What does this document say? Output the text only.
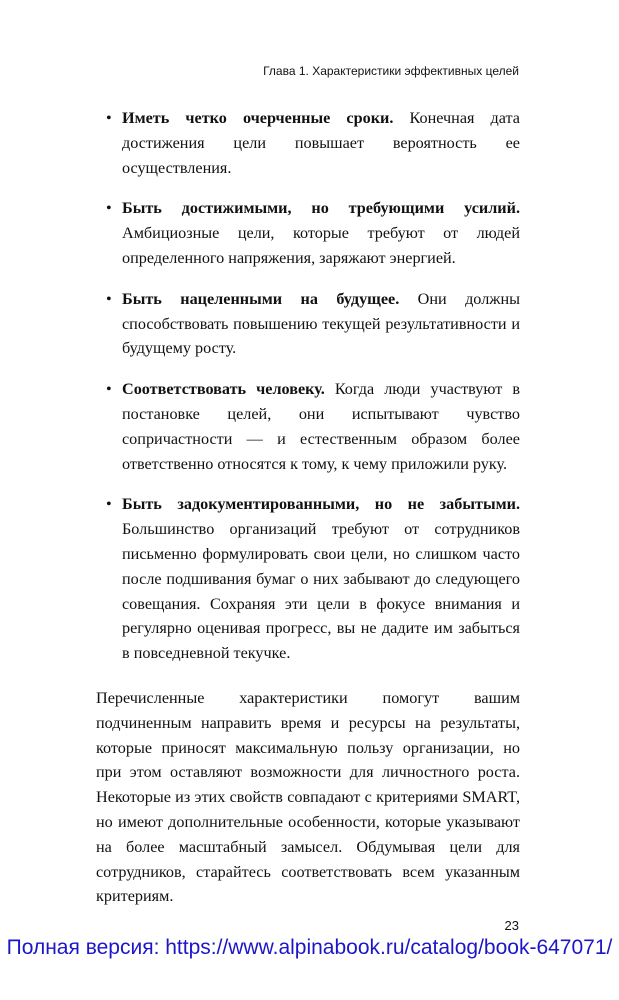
Глава 1. Характеристики эффективных целей
• Иметь четко очерченные сроки. Конечная дата достижения цели повышает вероятность ее осуществления.
• Быть достижимыми, но требующими усилий. Амбициозные цели, которые требуют от людей определенного напряжения, заряжают энергией.
• Быть нацеленными на будущее. Они должны способствовать повышению текущей результативности и будущему росту.
• Соответствовать человеку. Когда люди участвуют в постановке целей, они испытывают чувство сопричастности — и естественным образом более ответственно относятся к тому, к чему приложили руку.
• Быть задокументированными, но не забытыми. Большинство организаций требуют от сотрудников письменно формулировать свои цели, но слишком часто после подшивания бумаг о них забывают до следующего совещания. Сохраняя эти цели в фокусе внимания и регулярно оценивая прогресс, вы не дадите им забыться в повседневной текучке.

Перечисленные характеристики помогут вашим подчиненным направить время и ресурсы на результаты, которые приносят максимальную пользу организации, но при этом оставляют возможности для личностного роста. Некоторые из этих свойств совпадают с критериями SMART, но имеют дополнительные особенности, которые указывают на более масштабный замысел. Обдумывая цели для сотрудников, старайтесь соответствовать всем указанным критериям.

23
Полная версия: https://www.alpinabook.ru/catalog/book-647071/
